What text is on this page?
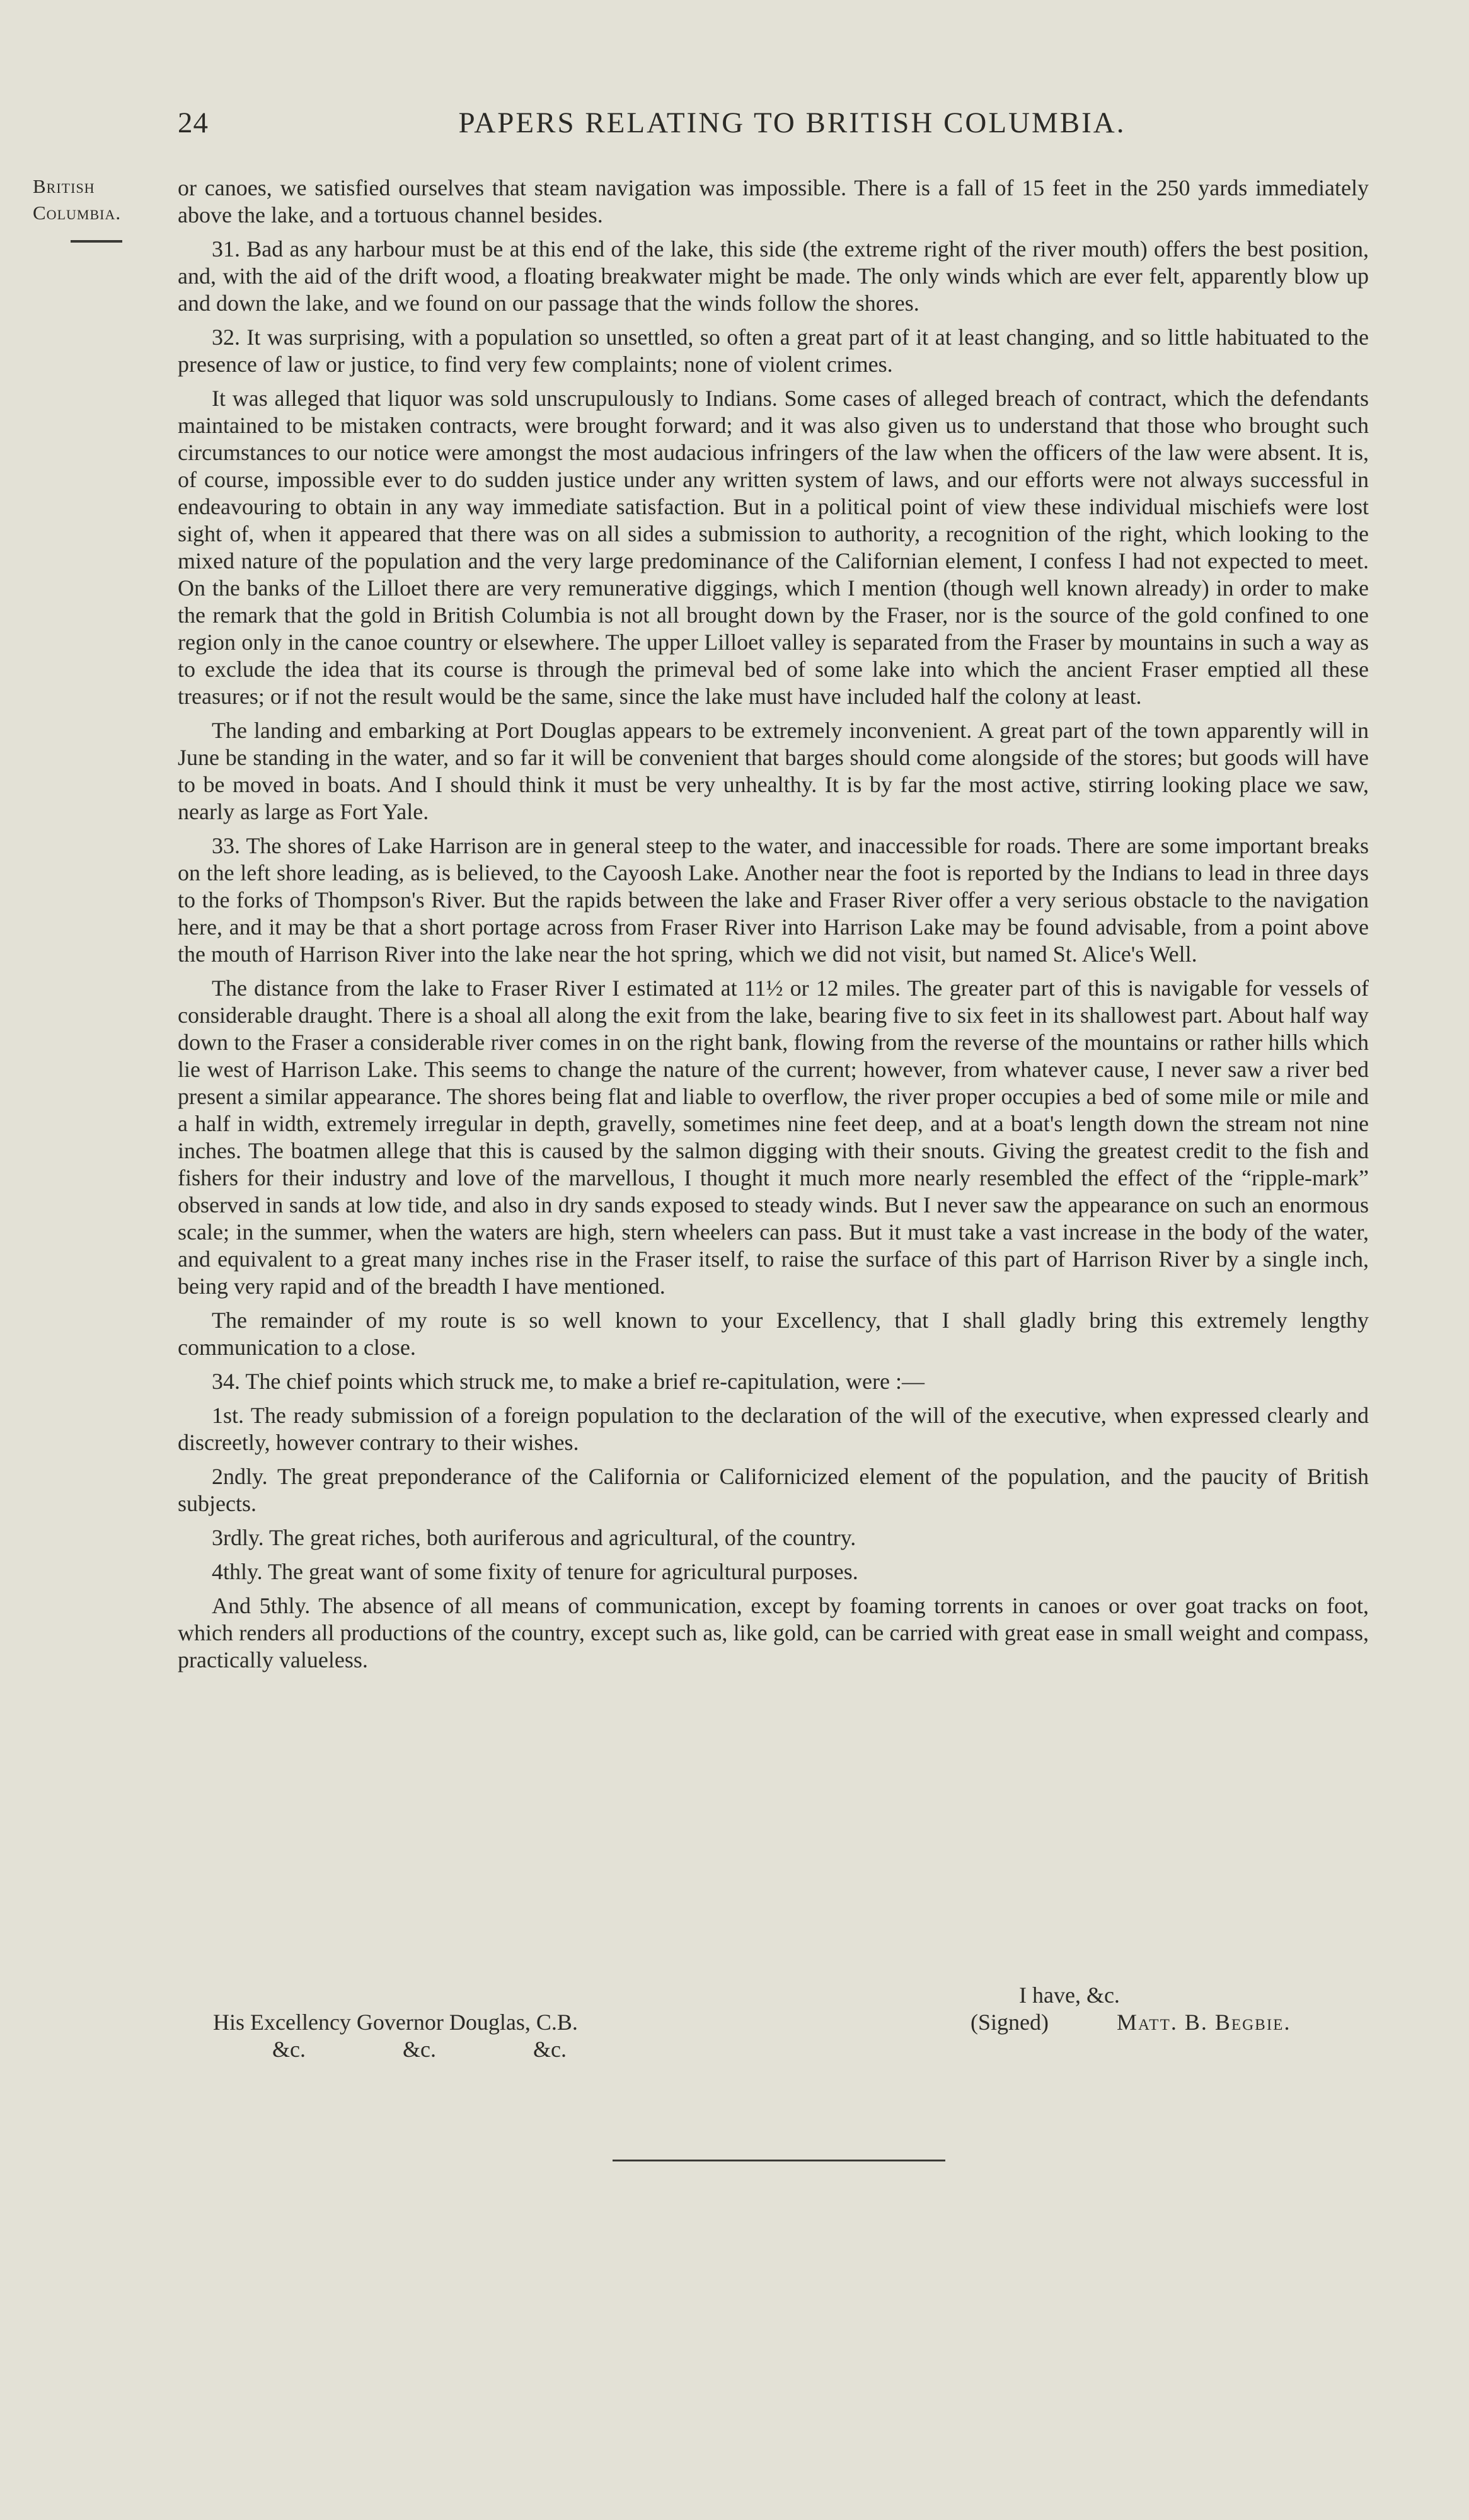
24	PAPERS RELATING TO BRITISH COLUMBIA.
British
Columbia.

or canoes, we satisfied ourselves that steam navigation was impossible. There is a fall of 15 feet in the 250 yards immediately above the lake, and a tortuous channel besides.

31. Bad as any harbour must be at this end of the lake, this side (the extreme right of the river mouth) offers the best position, and, with the aid of the drift wood, a floating breakwater might be made. The only winds which are ever felt, apparently blow up and down the lake, and we found on our passage that the winds follow the shores.

32. It was surprising, with a population so unsettled, so often a great part of it at least changing, and so little habituated to the presence of law or justice, to find very few complaints; none of violent crimes.

It was alleged that liquor was sold unscrupulously to Indians. Some cases of alleged breach of contract, which the defendants maintained to be mistaken contracts, were brought forward; and it was also given us to understand that those who brought such circumstances to our notice were amongst the most audacious infringers of the law when the officers of the law were absent. It is, of course, impossible ever to do sudden justice under any written system of laws, and our efforts were not always successful in endeavouring to obtain in any way immediate satisfaction. But in a political point of view these individual mischiefs were lost sight of, when it appeared that there was on all sides a submission to authority, a recognition of the right, which looking to the mixed nature of the population and the very large predominance of the Californian element, I confess I had not expected to meet. On the banks of the Lilloet there are very remunerative diggings, which I mention (though well known already) in order to make the remark that the gold in British Columbia is not all brought down by the Fraser, nor is the source of the gold confined to one region only in the canoe country or elsewhere. The upper Lilloet valley is separated from the Fraser by mountains in such a way as to exclude the idea that its course is through the primeval bed of some lake into which the ancient Fraser emptied all these treasures; or if not the result would be the same, since the lake must have included half the colony at least.

The landing and embarking at Port Douglas appears to be extremely inconvenient. A great part of the town apparently will in June be standing in the water, and so far it will be convenient that barges should come alongside of the stores; but goods will have to be moved in boats. And I should think it must be very unhealthy. It is by far the most active, stirring looking place we saw, nearly as large as Fort Yale.

33. The shores of Lake Harrison are in general steep to the water, and inaccessible for roads. There are some important breaks on the left shore leading, as is believed, to the Cayoosh Lake. Another near the foot is reported by the Indians to lead in three days to the forks of Thompson's River. But the rapids between the lake and Fraser River offer a very serious obstacle to the navigation here, and it may be that a short portage across from Fraser River into Harrison Lake may be found advisable, from a point above the mouth of Harrison River into the lake near the hot spring, which we did not visit, but named St. Alice's Well.

The distance from the lake to Fraser River I estimated at 11½ or 12 miles. The greater part of this is navigable for vessels of considerable draught. There is a shoal all along the exit from the lake, bearing five to six feet in its shallowest part. About half way down to the Fraser a considerable river comes in on the right bank, flowing from the reverse of the mountains or rather hills which lie west of Harrison Lake. This seems to change the nature of the current; however, from whatever cause, I never saw a river bed present a similar appearance. The shores being flat and liable to overflow, the river proper occupies a bed of some mile or mile and a half in width, extremely irregular in depth, gravelly, sometimes nine feet deep, and at a boat's length down the stream not nine inches. The boatmen allege that this is caused by the salmon digging with their snouts. Giving the greatest credit to the fish and fishers for their industry and love of the marvellous, I thought it much more nearly resembled the effect of the “ripple-mark” observed in sands at low tide, and also in dry sands exposed to steady winds. But I never saw the appearance on such an enormous scale; in the summer, when the waters are high, stern wheelers can pass. But it must take a vast increase in the body of the water, and equivalent to a great many inches rise in the Fraser itself, to raise the surface of this part of Harrison River by a single inch, being very rapid and of the breadth I have mentioned.

The remainder of my route is so well known to your Excellency, that I shall gladly bring this extremely lengthy communication to a close.

34. The chief points which struck me, to make a brief re-capitulation, were :—

1st. The ready submission of a foreign population to the declaration of the will of the executive, when expressed clearly and discreetly, however contrary to their wishes.

2ndly. The great preponderance of the California or Californicized element of the population, and the paucity of British subjects.

3rdly. The great riches, both auriferous and agricultural, of the country.

4thly. The great want of some fixity of tenure for agricultural purposes.

And 5thly. The absence of all means of communication, except by foaming torrents in canoes or over goat tracks on foot, which renders all productions of the country, except such as, like gold, can be carried with great ease in small weight and compass, practically valueless.

I have, &c.
His Excellency Governor Douglas, C.B.	(Signed)	Matt. B. Begbie.
&c.	&c.	&c.
